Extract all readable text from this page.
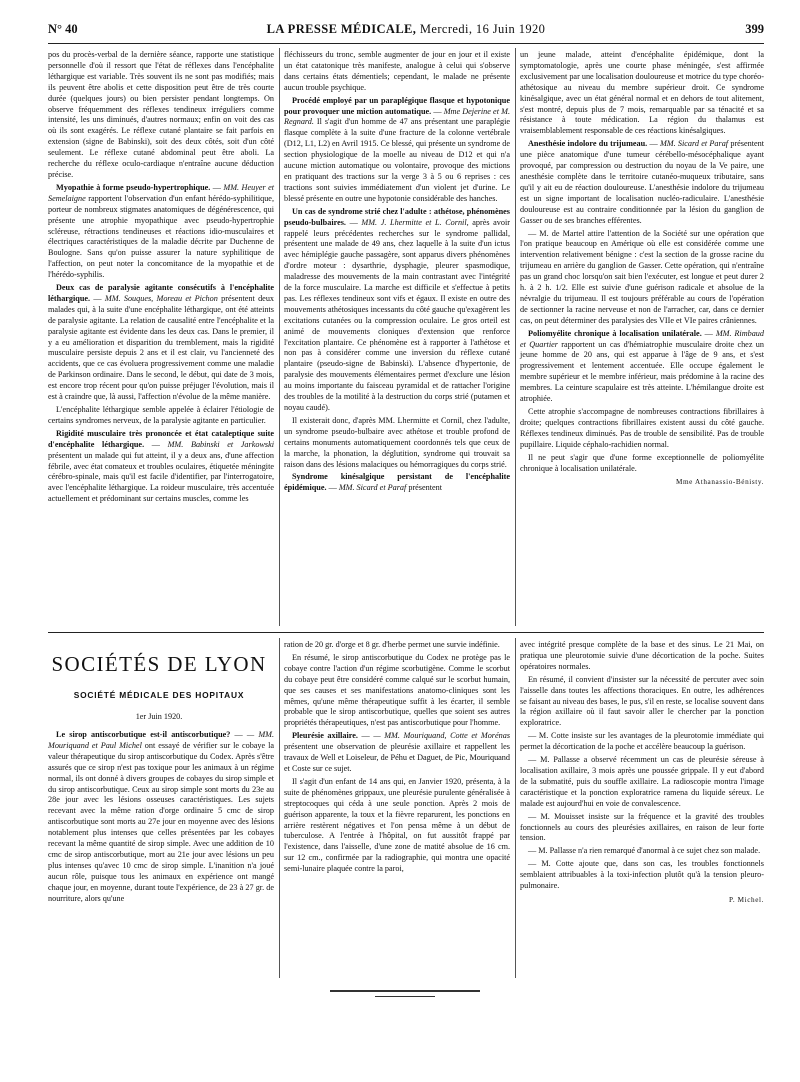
N° 40	LA PRESSE MÉDICALE, Mercredi, 16 Juin 1920	399

pos du procès-verbal de la dernière séance, rapporte une statistique personnelle d'où il ressort que l'état de réflexes dans l'encéphalite léthargique est variable. Très souvent ils ne sont pas modifiés; mais ils peuvent être abolis et cette disposition peut être de très courte durée (quelques jours) ou bien persister pendant longtemps. On observe fréquemment des réflexes tendineux irréguliers comme intensité, les uns diminués, d'autres normaux; enfin on voit des cas où ils sont exagérés. Le réflexe cutané plantaire se fait parfois en extension (signe de Babinski), soit des deux côtés, soit d'un côté seulement. Le réflexe cutané abdominal peut être aboli. La recherche du réflexe oculo-cardiaque n'entraîne aucune déduction précise.

Myopathie à forme pseudo-hypertrophique. — MM. Heuyer et Semelaigne rapportent l'observation d'un enfant hérédo-syphilitique, porteur de nombreux stigmates anatomiques de dégénérescence, qui présente une atrophie myopathique avec pseudo-hypertrophie scléreuse, rétractions tendineuses et réactions idio-musculaires et électriques caractéristiques de la maladie décrite par Duchenne de Boulogne. Sans qu'on puisse assurer la nature syphilitique de l'affection, on peut noter la concomitance de la myopathie et de l'hérédo-syphilis.

Deux cas de paralysie agitante consécutifs à l'encéphalite léthargique. — MM. Souques, Moreau et Pichon présentent deux malades qui, à la suite d'une encéphalite léthargique, ont été atteints de paralysie agitante. La relation de causalité entre l'encéphalite et la paralysie agitante est évidente dans les deux cas. Dans le premier, il y a eu amélioration et disparition du tremblement, mais la rigidité musculaire persiste depuis 2 ans et il est clair, vu l'ancienneté des accidents, que ce cas évoluera progressivement comme une maladie de Parkinson ordinaire. Dans le second, le début, qui date de 3 mois, est encore trop récent pour qu'on puisse préjuger l'évolution, mais il est à craindre que, là aussi, l'affection n'évolue de la même manière.

L'encéphalite léthargique semble appelée à éclairer l'étiologie de certains syndromes nerveux, de la paralysie agitante en particulier.

Rigidité musculaire très prononcée et état cataleptique suite d'encéphalite léthargique. — MM. Babinski et Jarkowski présentent un malade qui fut atteint, il y a deux ans, d'une affection fébrile, avec état comateux et troubles oculaires, étiquetée méningite cérébro-spinale, mais qu'il est facile d'identifier, par l'interrogatoire, avec l'encéphalite léthargique. La roideur musculaire, très accentuée actuellement et prédominant sur certains muscles, comme les

fléchisseurs du tronc, semble augmenter de jour en jour et il existe un état catatonique très manifeste, analogue à celui qui s'observe dans certains états démentiels; cependant, le malade ne présente aucun trouble psychique.

Procédé employé par un paraplégique flasque et hypotonique pour provoquer une miction automatique. — Mme Dejerine et M. Regnard. Il s'agit d'un homme de 47 ans présentant une paraplégie flasque complète à la suite d'une fracture de la colonne vertébrale (D12, L1, L2) en Avril 1915. Ce blessé, qui présente un syndrome de section physiologique de la moelle au niveau de D12 et qui n'a aucune miction automatique ou volontaire, provoque des mictions en pratiquant des tractions sur la verge 3 à 5 ou 6 reprises : ces tractions sont suivies immédiatement d'un violent jet d'urine. Le blessé présente en outre une hypotonie considérable des hanches.

Un cas de syndrome strié chez l'adulte : athétose, phénomènes pseudo-bulbaires. — MM. J. Lhermitte et L. Cornil, après avoir rappelé leurs précédentes recherches sur le syndrome pallidal, présentent une malade de 49 ans, chez laquelle à la suite d'un ictus avec hémiplégie gauche passagère, sont apparus divers phénomènes d'ordre moteur : dysarthrie, dysphagie, pleurer spasmodique, maladresse des mouvements de la main contrastant avec l'intégrité de la force musculaire. La marche est difficile et s'effectue à petits pas. Les réflexes tendineux sont vifs et égaux. Il existe en outre des mouvements athétosiques incessants du côté gauche qu'exagèrent les excitations cutanées ou la compression oculaire. Le gros orteil est animé de mouvements cloniques d'extension que renforce l'excitation plantaire. Ce phénomène est à rapporter à l'athétose et non pas à considérer comme une inversion du réflexe cutané plantaire (pseudo-signe de Babinski). L'absence d'hypertonie, de paralysie des mouvements élémentaires permet d'exclure une lésion au moins importante du faisceau pyramidal et de rattacher l'origine des troubles de la motilité à la destruction du corps strié (putamen et noyau caudé).

Il existerait donc, d'après MM. Lhermitte et Cornil, chez l'adulte, un syndrome pseudo-bulbaire avec athétose et trouble profond de certains monuments automatiquement coordonnés tels que ceux de la marche, la phonation, la déglutition, syndrome qui trouvait sa raison dans des lésions malaciques ou hémorragiques du corps strié.

Syndrome kinésalgique persistant de l'encéphalite épidémique. — MM. Sicard et Paraf présentent

un jeune malade, atteint d'encéphalite épidémique, dont la symptomatologie, après une courte phase méningée, s'est affirmée exclusivement par une localisation douloureuse et motrice du type choréo-athétosique au niveau du membre supérieur droit. Ce syndrome kinésalgique, avec un état général normal et en dehors de tout alitement, s'est montré, depuis plus de 7 mois, remarquable par sa ténacité et sa résistance à toute médication. La région du thalamus est vraisemblablement responsable de ces réactions kinésalgiques.

Anesthésie indolore du trijumeau. — MM. Sicard et Paraf présentent une pièce anatomique d'une tumeur cérébello-mésocéphalique ayant provoqué, par compression ou destruction du noyau de la Ve paire, une anesthésie complète dans le territoire cutanéo-muqueux tributaire, sans qu'il y ait eu de réaction douloureuse. L'anesthésie indolore du trijumeau est un signe important de localisation nucléo-radiculaire. L'anesthésie douloureuse est au contraire conditionnée par la lésion du ganglion de Gasser ou de ses branches efférentes.

— M. de Martel attire l'attention de la Société sur une opération que l'on pratique beaucoup en Amérique où elle est considérée comme une intervention relativement bénigne : c'est la section de la grosse racine du trijumeau en arrière du ganglion de Gasser. Cette opération, qui n'entraîne pas un grand choc lorsqu'on sait bien l'exécuter, est longue et peut durer 2 h. à 2 h. 1/2. Elle est suivie d'une guérison radicale et absolue de la névralgie du trijumeau. Il est toujours préférable au cours de l'opération de sectionner la racine nerveuse et non de l'arracher, car, dans ce dernier cas, on peut déterminer des paralysies des VIIe et VIe paires crâniennes.

Poliomyélite chronique à localisation unilatérale. — MM. Rimbaud et Quartier rapportent un cas d'hémiatrophie musculaire droite chez un jeune homme de 20 ans, qui est apparue à l'âge de 9 ans, et s'est progressivement et lentement accentuée. Elle occupe également le membre supérieur et le membre inférieur, mais prédomine à la racine des membres. La ceinture scapulaire est très atteinte. L'hémilangue droite est atrophiée.

Cette atrophie s'accompagne de nombreuses contractions fibrillaires à droite; quelques contractions fibrillaires existent aussi du côté gauche. Réflexes tendineux diminués. Pas de trouble de sensibilité. Pas de trouble pupillaire. Liquide céphalo-rachidien normal.

Il ne peut s'agir que d'une forme exceptionnelle de poliomyélite chronique à localisation unilatérale.

Mme Athanassio-Bénisty.
SOCIÉTÉS DE LYON
SOCIÉTÉ MÉDICALE DES HOPITAUX
1er Juin 1920.

Le sirop antiscorbutique est-il antiscorbutique? — — MM. Mouriquand et Paul Michel ont essayé de vérifier sur le cobaye la valeur thérapeutique du sirop antiscorbutique du Codex. Après s'être assurés que ce sirop n'est pas toxique pour les animaux à un régime normal, ils ont donné à divers groupes de cobayes du sirop simple et du sirop antiscorbutique. Ceux au sirop simple sont morts du 23e au 28e jour avec les lésions osseuses caractéristiques. Les sujets recevant avec la même ration d'orge ordinaire 5 cmc de sirop antiscorbutique sont morts au 27e jour en moyenne avec des lésions notablement plus intenses que celles présentées par les cobayes recevant la même quantité de sirop simple. Avec une addition de 10 cmc de sirop antiscorbutique, mort au 21e jour avec lésions un peu plus intenses qu'avec 10 cmc de sirop simple. L'inanition n'a joué aucun rôle, puisque tous les animaux en expérience ont mangé chaque jour, en moyenne, durant toute l'expérience, de 23 à 27 gr. de nourriture, alors qu'une

ration de 20 gr. d'orge et 8 gr. d'herbe permet une survie indéfinie.

En résumé, le sirop antiscorbutique du Codex ne protège pas le cobaye contre l'action d'un régime scorbutigène. Comme le scorbut du cobaye peut être considéré comme calqué sur le scorbut humain, que ses causes et ses manifestations anatomo-cliniques sont les mêmes, qu'une même thérapeutique suffit à les écarter, il semble probable que le sirop antiscorbutique, quelles que soient ses autres propriétés thérapeutiques, n'est pas antiscorbutique pour l'homme.

Pleurésie axillaire. — — MM. Mouriquand, Cotte et Morénas présentent une observation de pleurésie axillaire et rappellent les travaux de Well et Loiseleur, de Péhu et Daguet, de Pic, Mouriquand et Coste sur ce sujet.

Il s'agit d'un enfant de 14 ans qui, en Janvier 1920, présenta, à la suite de phénomènes grippaux, une pleurésie purulente généralisée à streptocoques qui céda à une seule ponction. Après 2 mois de guérison apparente, la toux et la fièvre reparurent, les ponctions en arrière restèrent négatives et l'on pensa même à un début de tuberculose. A l'entrée à l'hôpital, on fut aussitôt frappé par l'existence, dans l'aisselle, d'une zone de matité absolue de 16 cm. sur 12 cm., confirmée par la radiographie, qui montra une opacité semi-lunaire plaquée contre la paroi,

avec intégrité presque complète de la base et des sinus. Le 21 Mai, on pratiqua une pleurotomie suivie d'une décortication de la poche. Suites opératoires normales.

En résumé, il convient d'insister sur la nécessité de percuter avec soin l'aisselle dans toutes les affections thoraciques. En outre, les adhérences se faisant au niveau des bases, le pus, s'il en reste, se localise souvent dans la région axillaire où il faut savoir aller le chercher par la ponction exploratrice.

— M. Cotte insiste sur les avantages de la pleurotomie immédiate qui permet la décortication de la poche et accélère beaucoup la guérison.

— M. Pallasse a observé récemment un cas de pleurésie séreuse à localisation axillaire, 3 mois après une poussée grippale. Il y eut d'abord de la submatité, puis du souffle axillaire. La radioscopie montra l'image caractéristique et la ponction exploratrice ramena du liquide séreux. Le malade est aujourd'hui en voie de convalescence.

— M. Mouisset insiste sur la fréquence et la gravité des troubles fonctionnels au cours des pleurésies axillaires, en raison de leur forte tension.

— M. Pallasse n'a rien remarqué d'anormal à ce sujet chez son malade.

— M. Cotte ajoute que, dans son cas, les troubles fonctionnels semblaient attribuables à la toxi-infection plutôt qu'à la tension pleuro-pulmonaire.

P. Michel.
